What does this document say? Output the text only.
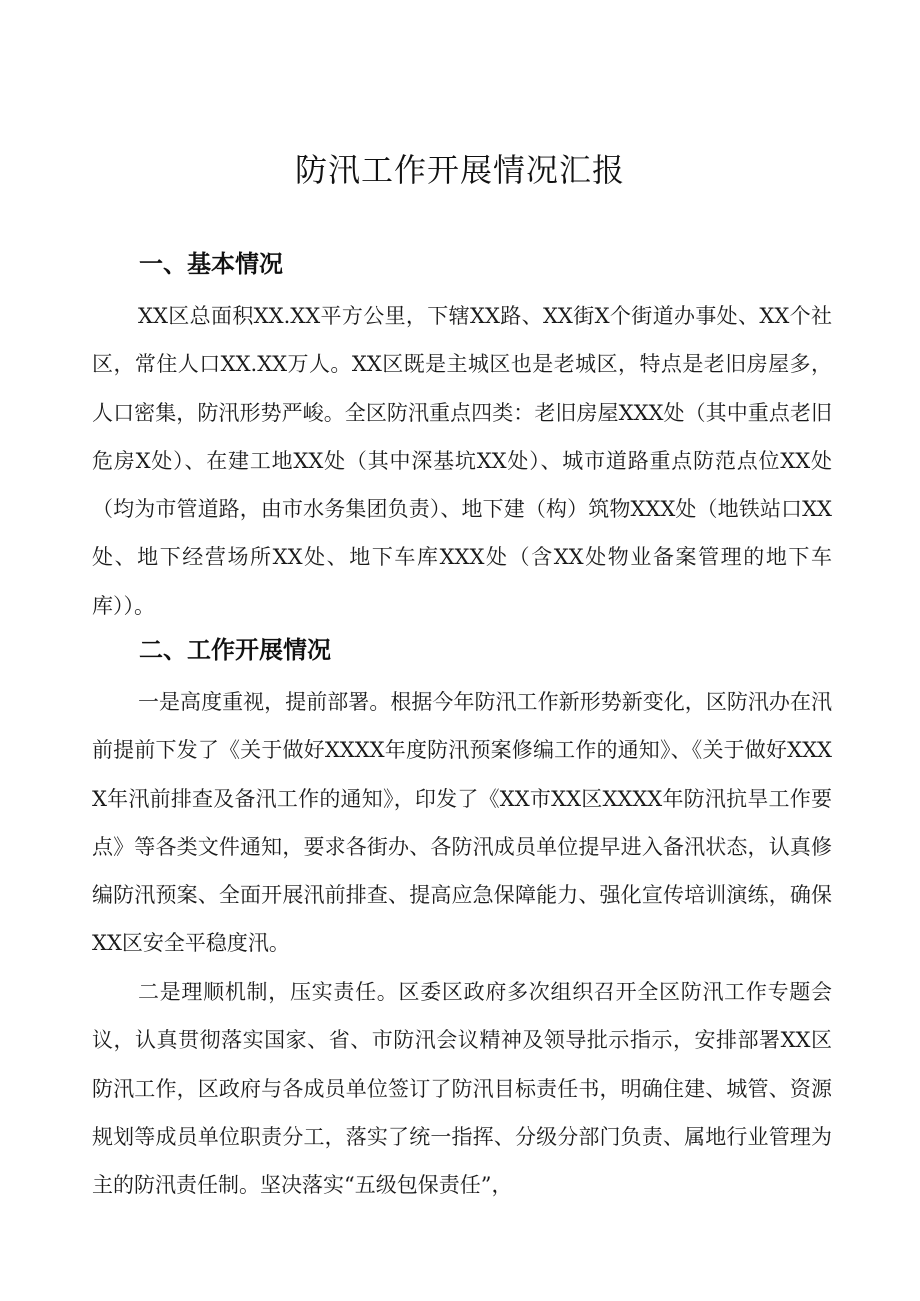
防汛工作开展情况汇报
一、基本情况

XX区总面积XX.XX平方公里，下辖XX路、XX街X个街道办事处、XX个社区，常住人口XX.XX万人。XX区既是主城区也是老城区，特点是老旧房屋多，人口密集，防汛形势严峻。全区防汛重点四类：老旧房屋XXX处（其中重点老旧危房X处）、在建工地XX处（其中深基坑XX处）、城市道路重点防范点位XX处（均为市管道路，由市水务集团负责）、地下建（构）筑物XXX处（地铁站口XX处、地下经营场所XX处、地下车库XXX处（含XX处物业备案管理的地下车库））。

二、工作开展情况

一是高度重视，提前部署。根据今年防汛工作新形势新变化，区防汛办在汛前提前下发了《关于做好XXXX年度防汛预案修编工作的通知》、《关于做好XXXX年汛前排查及备汛工作的通知》，印发了《XX市XX区XXXX年防汛抗旱工作要点》等各类文件通知，要求各街办、各防汛成员单位提早进入备汛状态，认真修编防汛预案、全面开展汛前排查、提高应急保障能力、强化宣传培训演练，确保XX区安全平稳度汛。

二是理顺机制，压实责任。区委区政府多次组织召开全区防汛工作专题会议，认真贯彻落实国家、省、市防汛会议精神及领导批示指示，安排部署XX区防汛工作，区政府与各成员单位签订了防汛目标责任书，明确住建、城管、资源规划等成员单位职责分工，落实了统一指挥、分级分部门负责、属地行业管理为主的防汛责任制。坚决落实“五级包保责任”，
